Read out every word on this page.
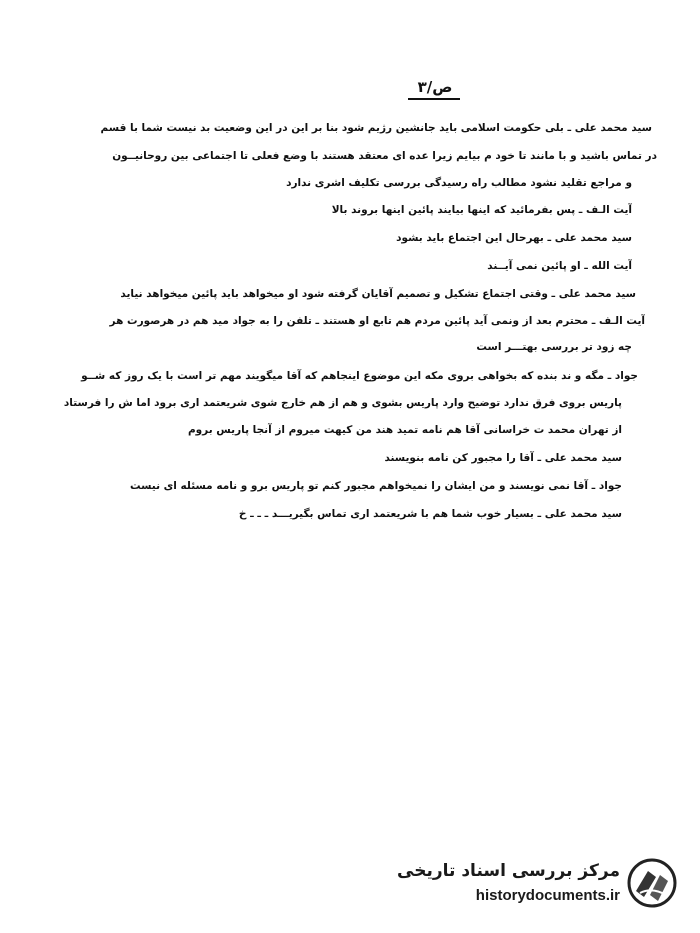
ص/۳
سید محمد علی ـ بلی حکومت اسلامی باید جانشین رژیم شود بنا بر این در این وضعیت بد نیست شما با قسم
در تماس باشید و با مانند تا خود م بیایم زیرا عده ای معتقد هستند با وضع فعلی تا اجتماعی بین روحانیــون
و مراجع تقلید نشود مطالب راه رسیدگی بررسی تکلیف اشری ندارد
آیت الـف ـ پس بفرمائید که اینها بیایند پائین اینها بروند بالا
سید محمد علی ـ بهرحال این اجتماع باید بشود
آیت الله ـ او پائین نمی آیــند
سید محمد علی ـ وقتی اجتماع تشکیل و تصمیم آقایان گرفته شود او میخواهد باید پائین میخواهد نیاید
آیت الـف ـ محترم بعد از ونمی آید پائین مردم هم تابع او هستند ـ تلفن را به جواد مید هم در هرصورت هر
چه زود تر بررسی بهتـــر است
جواد ـ مگه و ند بنده که بخواهی بروی مکه این موضوع اینجاهم که آقا میگویند مهم تر است با یک روز که شــو
پاریس بروی فرق ندارد توضیح وارد پاریس بشوی و هم از هم خارج شوی شریعتمد اری برود اما ش را فرستاد
از تهران محمد ت خراسانی آقا هم نامه تمید هند من کیهت میروم از آنجا پاریس بروم
سید محمد علی ـ آقا را مجبور کن نامه بنویسند
جواد ـ آقا نمی نویسند و من ایشان را نمیخواهم مجبور کنم تو پاریس برو و نامه مسئله ای نیست
سید محمد علی ـ بسیار خوب شما هم با شریعتمد اری تماس بگیریـــد ـ ـ ـ خ
مرکز بررسی اسناد تاریخی
historydocuments.ir
